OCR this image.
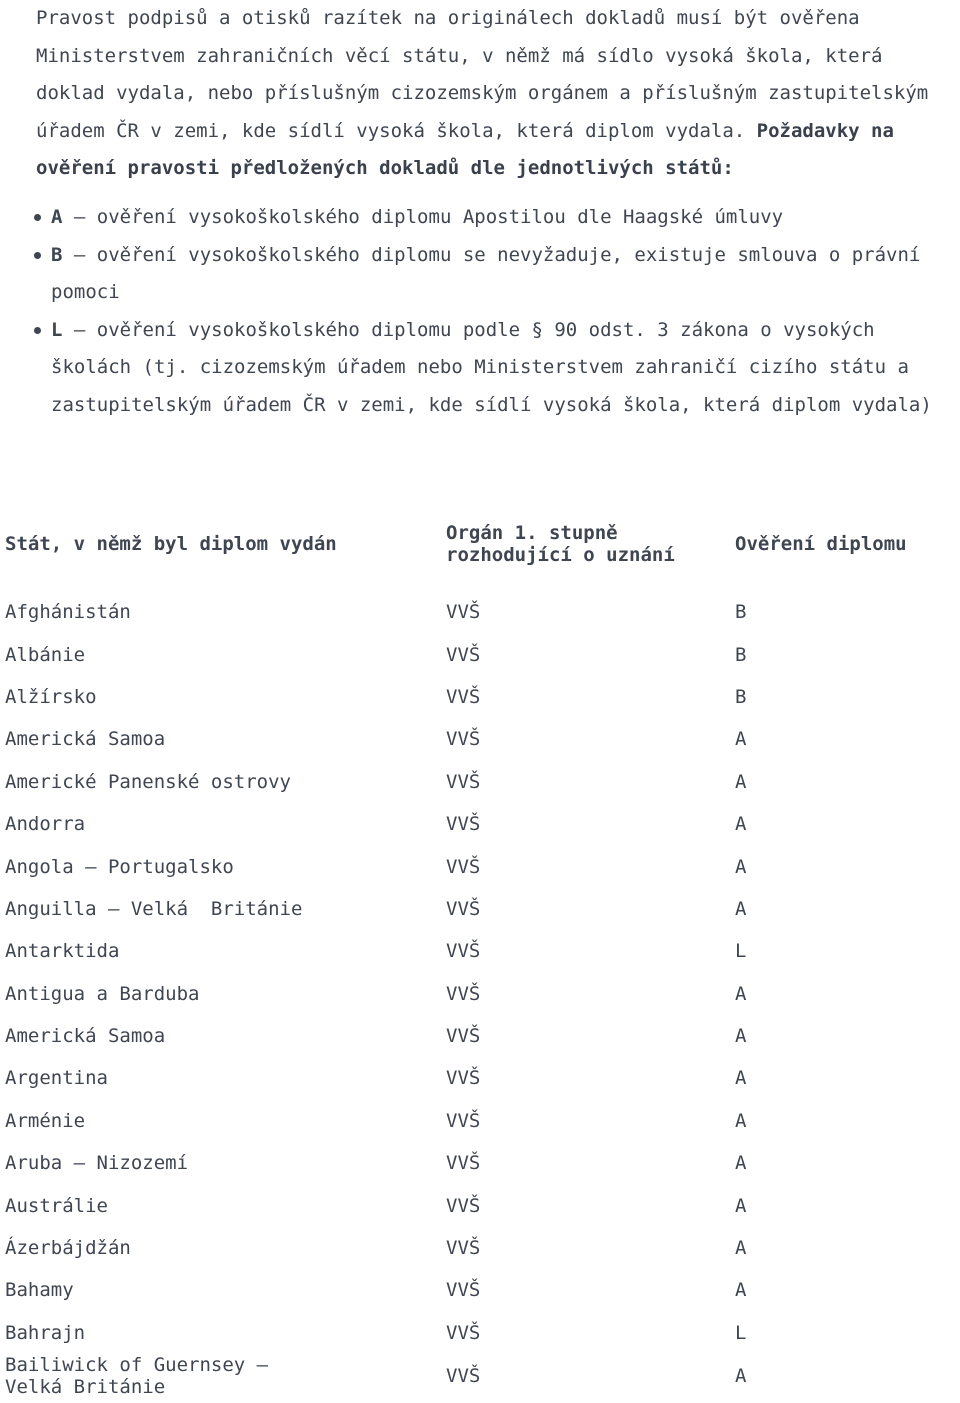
Pravost podpisů a otisků razítek na originálech dokladů musí být ověřena Ministerstvem zahraničních věcí státu, v němž má sídlo vysoká škola, která doklad vydala, nebo příslušným cizozemským orgánem a příslušným zastupitelským úřadem ČR v zemi, kde sídlí vysoká škola, která diplom vydala. Požadavky na ověření pravosti předložených dokladů dle jednotlivých států:

A – ověření vysokoškolského diplomu Apostilou dle Haagské úmluvy
B – ověření vysokoškolského diplomu se nevyžaduje, existuje smlouva o právní pomoci
L – ověření vysokoškolského diplomu podle § 90 odst. 3 zákona o vysokých školách (tj. cizozemským úřadem nebo Ministerstvem zahraničí cizího státu a zastupitelským úřadem ČR v zemi, kde sídlí vysoká škola, která diplom vydala)
Stát, v němž byl diplom vydán	Orgán 1. stupně rozhodující o uznání	Ověření diplomu

Afghánistán	VVŠ	B
Albánie	VVŠ	B
Alžírsko	VVŠ	B
Americká Samoa	VVŠ	A
Americké Panenské ostrovy	VVŠ	A
Andorra	VVŠ	A
Angola – Portugalsko	VVŠ	A
Anguilla – Velká  Británie	VVŠ	A
Antarktida	VVŠ	L
Antigua a Barduba	VVŠ	A
Americká Samoa	VVŠ	A
Argentina	VVŠ	A
Arménie	VVŠ	A
Aruba – Nizozemí	VVŠ	A
Austrálie	VVŠ	A
Ázerbájdžán	VVŠ	A
Bahamy	VVŠ	A
Bahrajn	VVŠ	L
Bailiwick of Guernsey – Velká Británie	VVŠ	A
